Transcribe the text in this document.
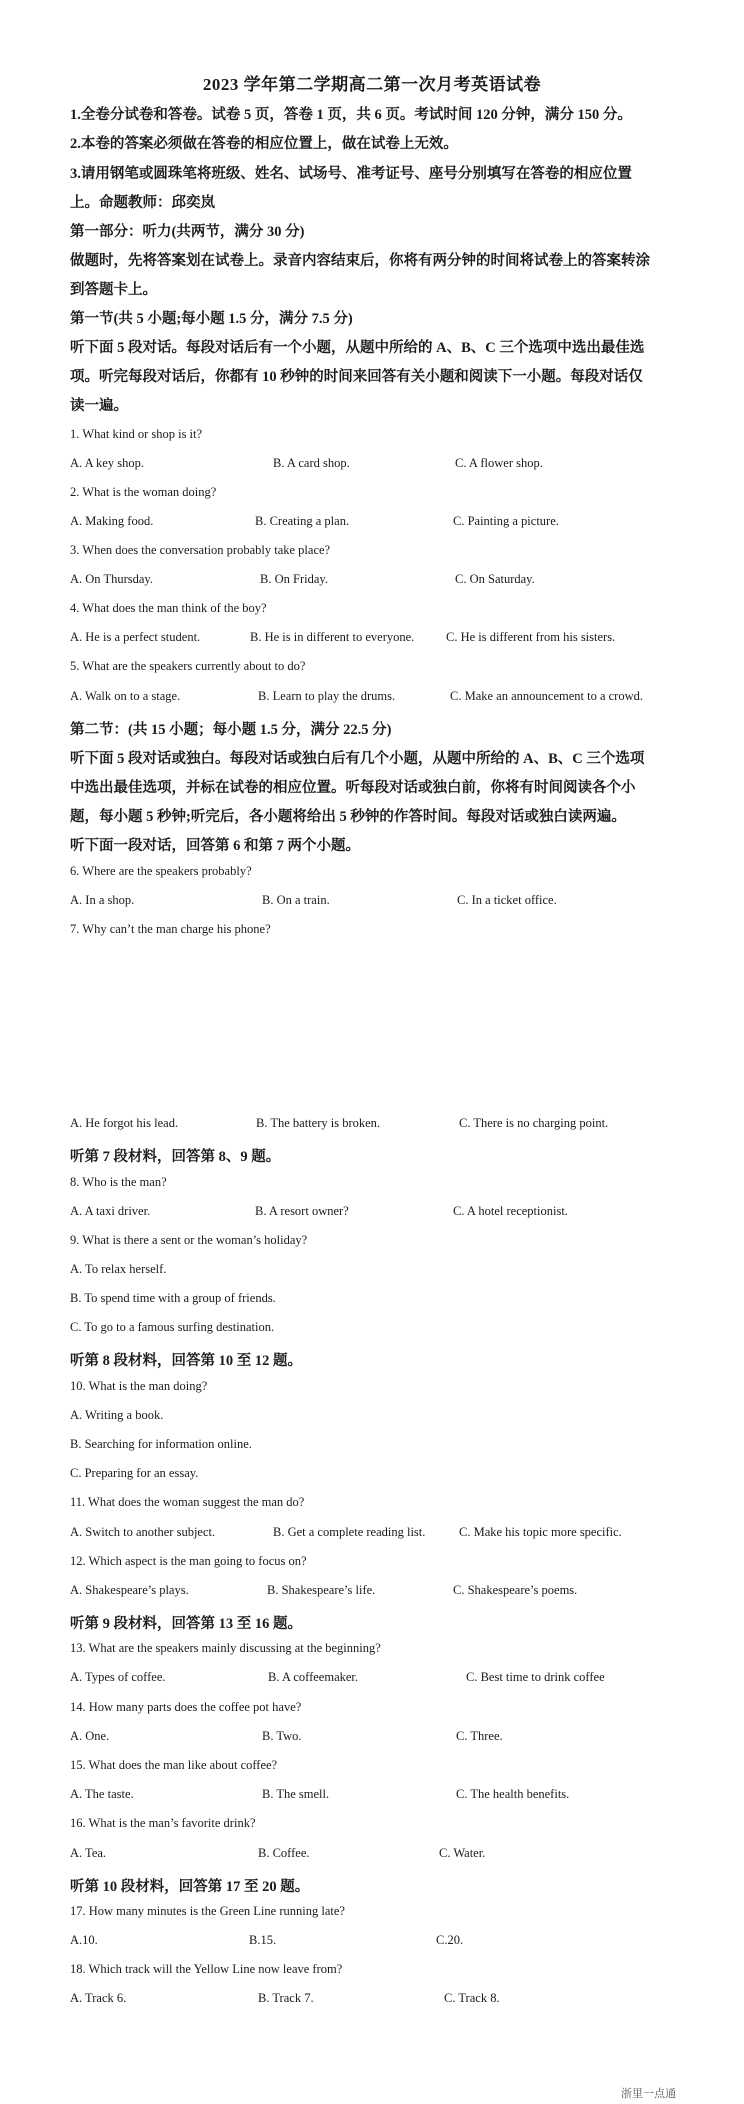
2023 学年第二学期高二第一次月考英语试卷
1.全卷分试卷和答卷。试卷 5 页，答卷 1 页，共 6 页。考试时间 120 分钟，满分 150 分。
2.本卷的答案必须做在答卷的相应位置上，做在试卷上无效。
3.请用钢笔或圆珠笔将班级、姓名、试场号、准考证号、座号分别填写在答卷的相应位置
上。命题教师：邱奕岚
第一部分：听力(共两节，满分 30 分)
做题时，先将答案划在试卷上。录音内容结束后，你将有两分钟的时间将试卷上的答案转涂
到答题卡上。
第一节(共 5 小题;每小题 1.5 分，满分 7.5 分)
听下面 5 段对话。每段对话后有一个小题，从题中所给的 A、B、C 三个选项中选出最佳选
项。听完每段对话后，你都有 10 秒钟的时间来回答有关小题和阅读下一小题。每段对话仅
读一遍。
1. What kind or shop is it?
A. A key shop.	B. A card shop.	C. A flower shop.
2. What is the woman doing?
A. Making food.	B. Creating a plan.	C. Painting a picture.
3. When does the conversation probably take place?
A. On Thursday.	B. On Friday.	C. On Saturday.
4. What does the man think of the boy?
A. He is a perfect student.	B. He is in different to everyone.	C. He is different from his sisters.
5. What are the speakers currently about to do?
A. Walk on to a stage.	B. Learn to play the drums.	C. Make an announcement to a crowd.
第二节：(共 15 小题；每小题 1.5 分，满分 22.5 分)
听下面 5 段对话或独白。每段对话或独白后有几个小题，从题中所给的 A、B、C 三个选项
中选出最佳选项，并标在试卷的相应位置。听每段对话或独白前，你将有时间阅读各个小
题，每小题 5 秒钟;听完后，各小题将给出 5 秒钟的作答时间。每段对话或独白读两遍。
听下面一段对话，回答第 6 和第 7 两个小题。
6. Where are the speakers probably?
A. In a shop.	B. On a train.	C. In a ticket office.
7. Why can’t the man charge his phone?
A. He forgot his lead.	B. The battery is broken.	C. There is no charging point.
听第 7 段材料，回答第 8、9 题。
8. Who is the man?
A. A taxi driver.	B. A resort owner?	C. A hotel receptionist.
9. What is there a sent or the woman’s holiday?
A. To relax herself.
B. To spend time with a group of friends.
C. To go to a famous surfing destination.
听第 8 段材料，回答第 10 至 12 题。
10. What is the man doing?
A. Writing a book.
B. Searching for information online.
C. Preparing for an essay.
11. What does the woman suggest the man do?
A. Switch to another subject.	B. Get a complete reading list.	C. Make his topic more specific.
12. Which aspect is the man going to focus on?
A. Shakespeare’s plays.	B. Shakespeare’s life.	C. Shakespeare’s poems.
听第 9 段材料，回答第 13 至 16 题。
13. What are the speakers mainly discussing at the beginning?
A. Types of coffee.	B. A coffeemaker.	C. Best time to drink coffee
14. How many parts does the coffee pot have?
A. One.	B. Two.	C. Three.
15. What does the man like about coffee?
A. The taste.	B. The smell.	C. The health benefits.
16. What is the man’s favorite drink?
A. Tea.	B. Coffee.	C. Water.
听第 10 段材料，回答第 17 至 20 题。
17. How many minutes is the Green Line running late?
A.10.	B.15.	C.20.
18. Which track will the Yellow Line now leave from?
A. Track 6.	B. Track 7.	C. Track 8.
浙里一点通
